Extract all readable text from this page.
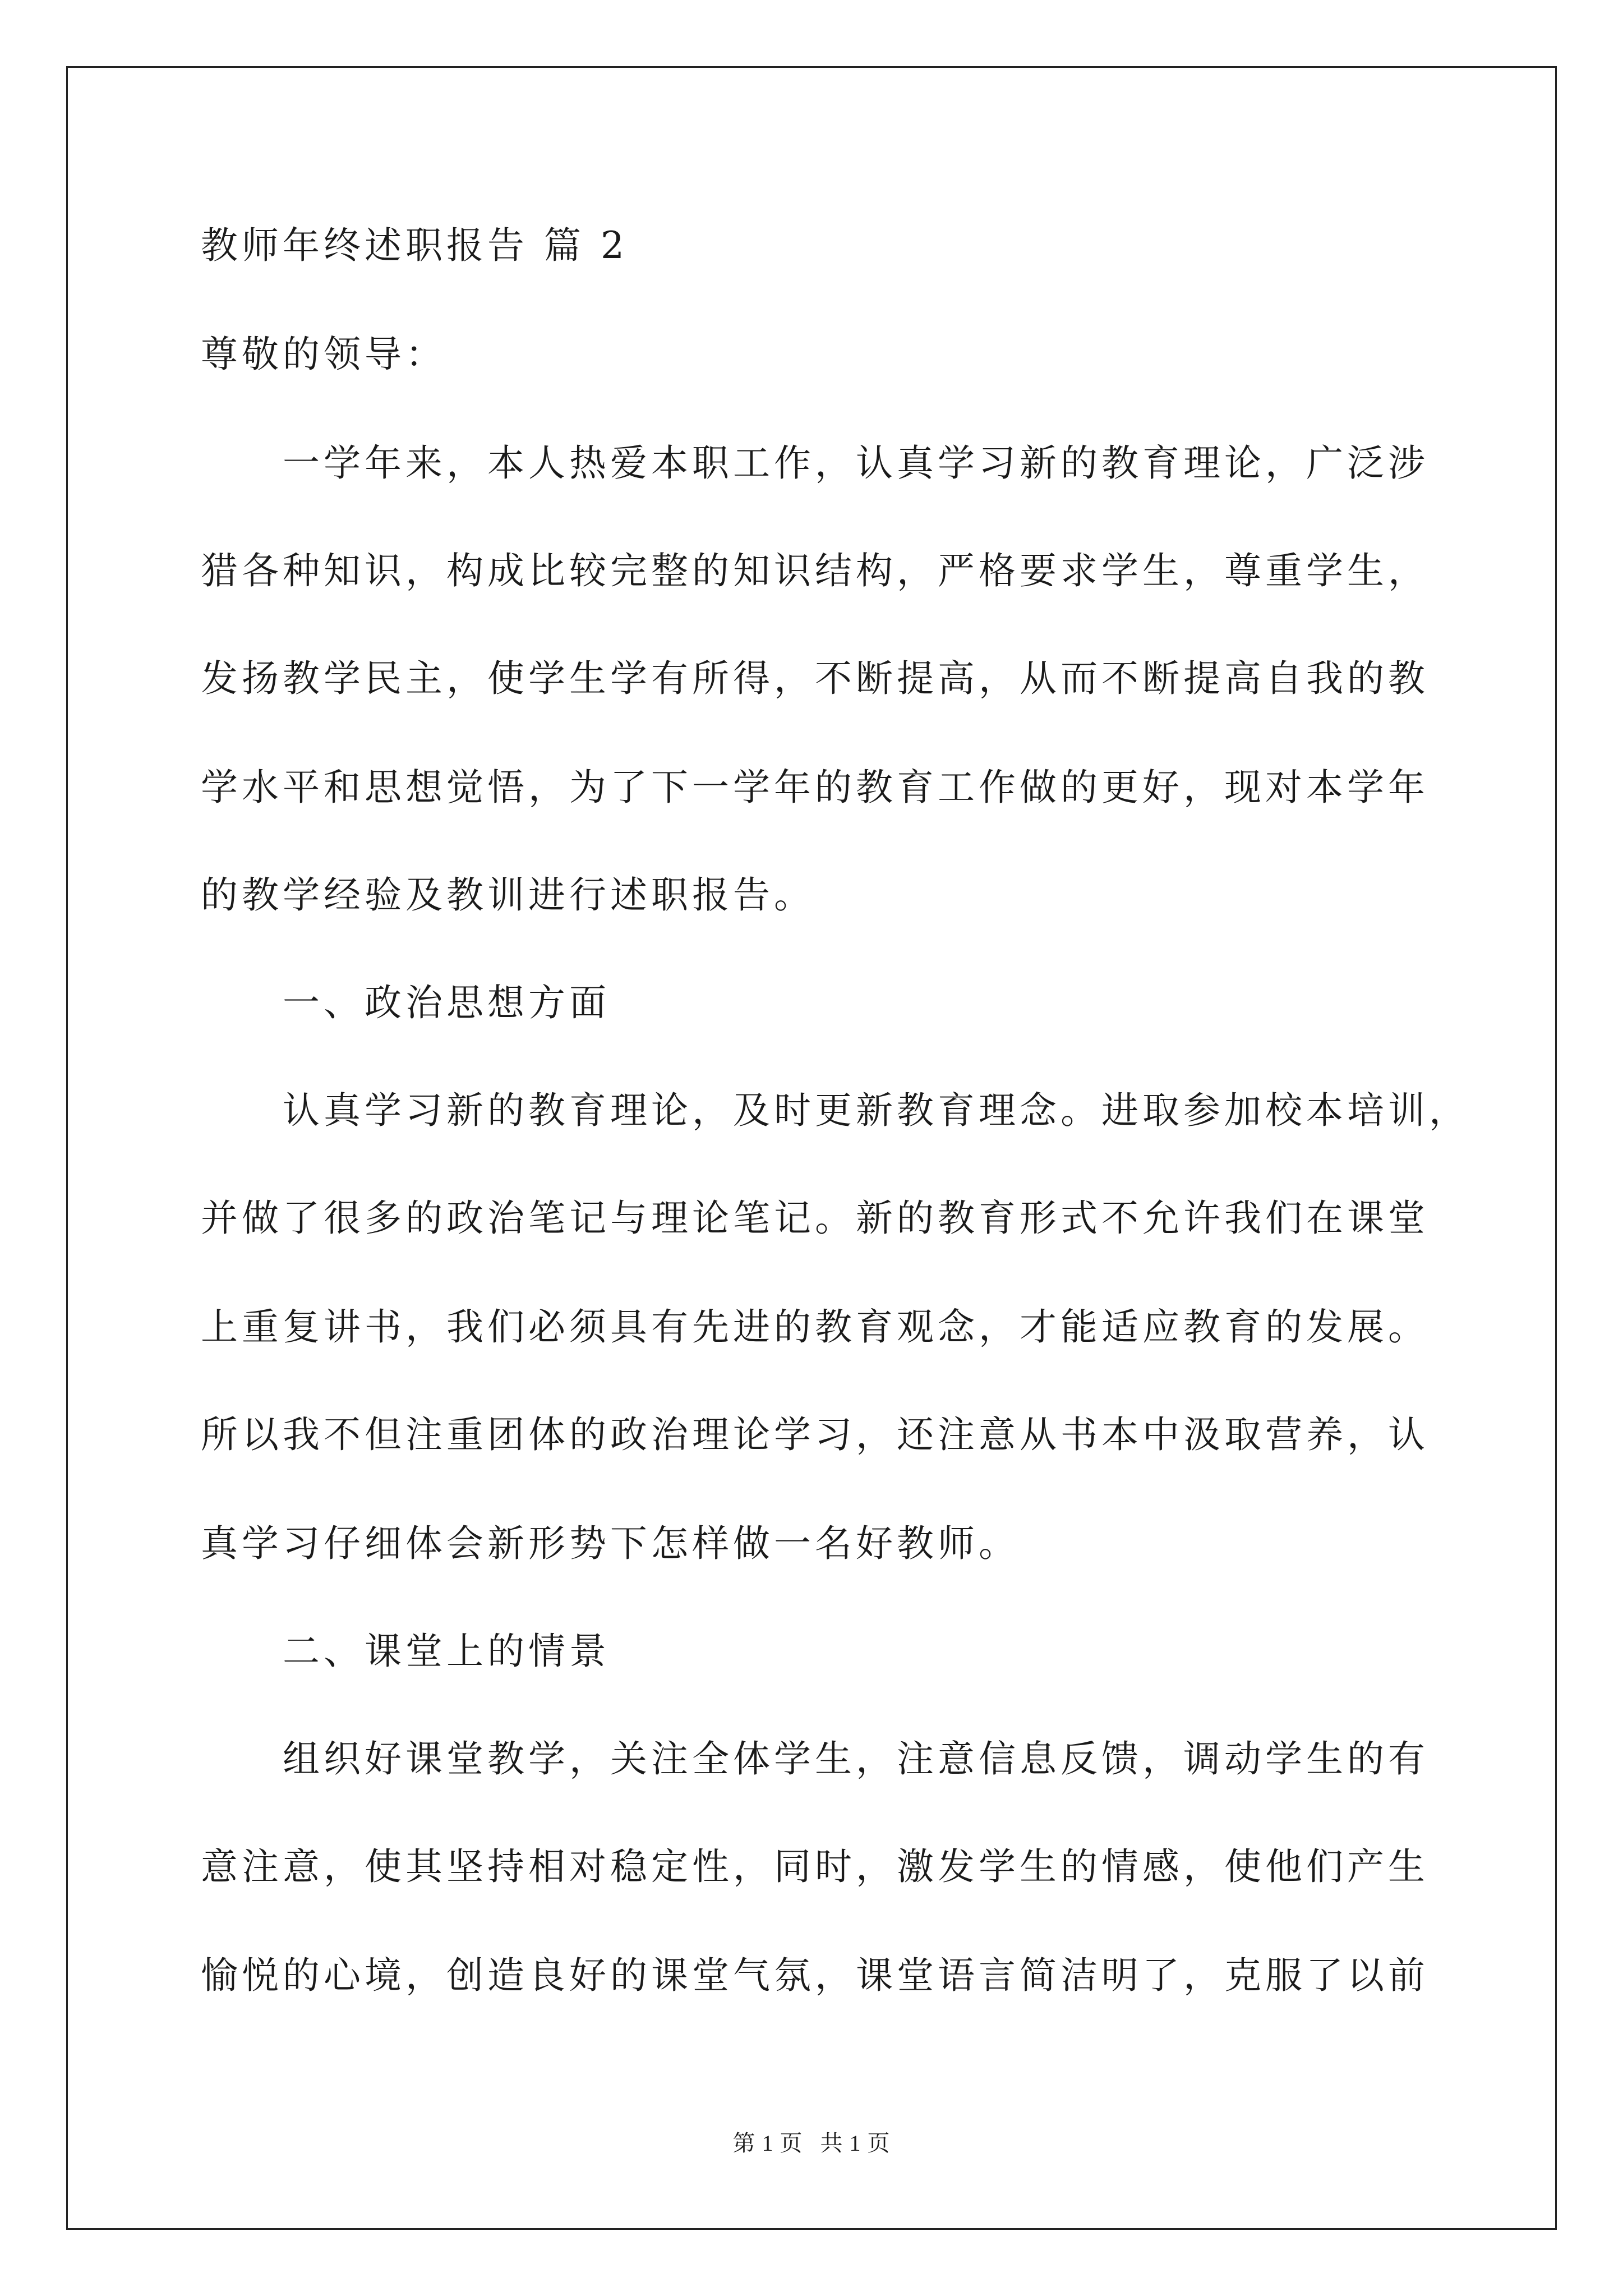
教师年终述职报告 篇 2
尊敬的领导：
一学年来，本人热爱本职工作，认真学习新的教育理论，广泛涉
猎各种知识，构成比较完整的知识结构，严格要求学生，尊重学生，
发扬教学民主，使学生学有所得，不断提高，从而不断提高自我的教
学水平和思想觉悟，为了下一学年的教育工作做的更好，现对本学年
的教学经验及教训进行述职报告。
一、政治思想方面
认真学习新的教育理论，及时更新教育理念。进取参加校本培训，
并做了很多的政治笔记与理论笔记。新的教育形式不允许我们在课堂
上重复讲书，我们必须具有先进的教育观念，才能适应教育的发展。
所以我不但注重团体的政治理论学习，还注意从书本中汲取营养，认
真学习仔细体会新形势下怎样做一名好教师。
二、课堂上的情景
组织好课堂教学，关注全体学生，注意信息反馈，调动学生的有
意注意，使其坚持相对稳定性，同时，激发学生的情感，使他们产生
愉悦的心境，创造良好的课堂气氛，课堂语言简洁明了，克服了以前
第 1 页 共 1 页
